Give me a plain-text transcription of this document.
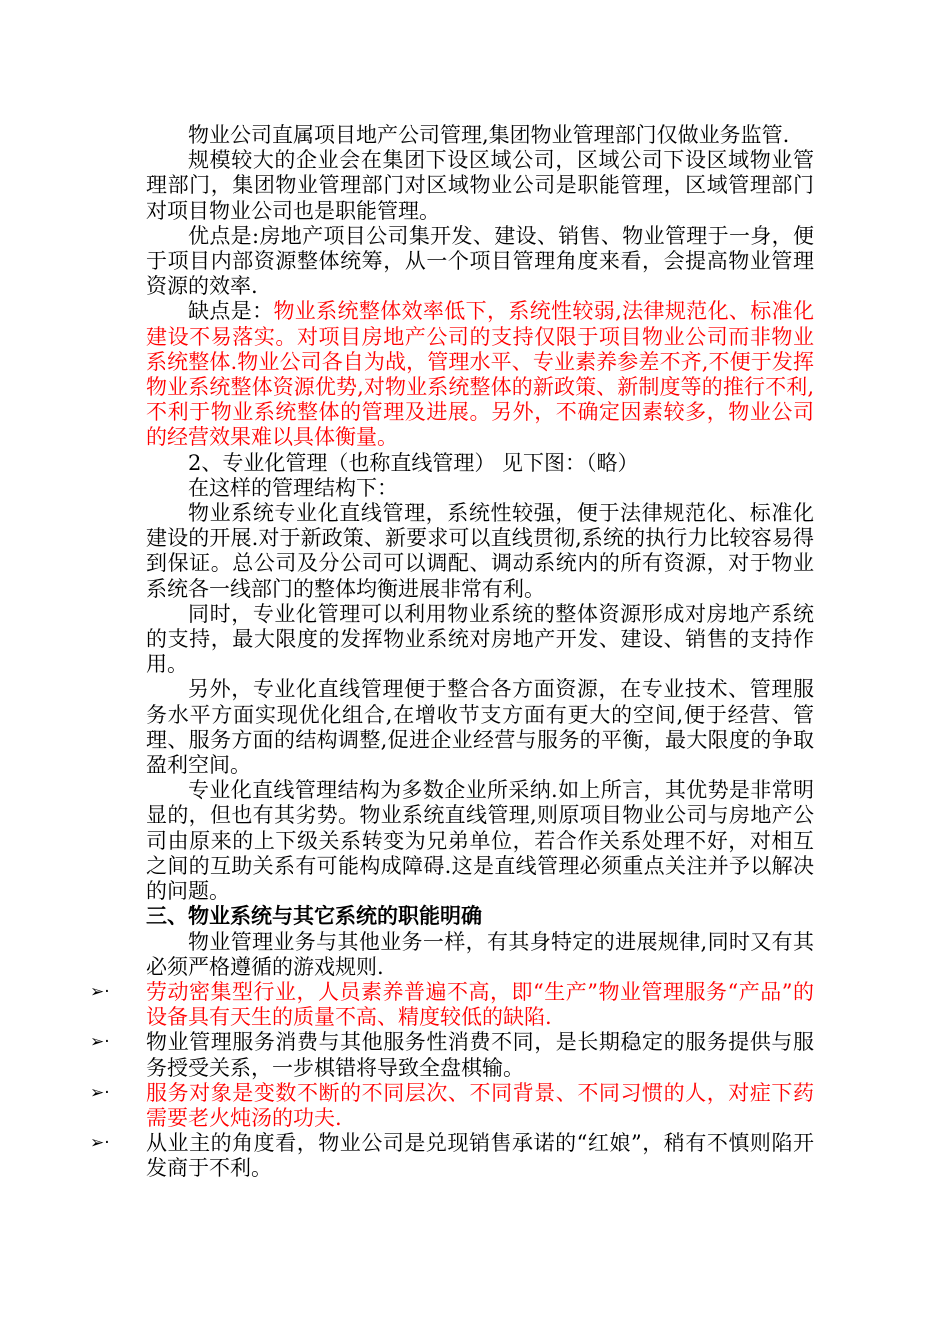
物业公司直属项目地产公司管理,集团物业管理部门仅做业务监管.

规模较大的企业会在集团下设区域公司，区域公司下设区域物业管理部门，集团物业管理部门对区域物业公司是职能管理，区域管理部门对项目物业公司也是职能管理。

优点是:房地产项目公司集开发、建设、销售、物业管理于一身，便于项目内部资源整体统筹，从一个项目管理角度来看，会提高物业管理资源的效率.

缺点是：物业系统整体效率低下，系统性较弱,法律规范化、标准化建设不易落实。对项目房地产公司的支持仅限于项目物业公司而非物业系统整体.物业公司各自为战，管理水平、专业素养参差不齐,不便于发挥物业系统整体资源优势,对物业系统整体的新政策、新制度等的推行不利,不利于物业系统整体的管理及进展。另外，不确定因素较多，物业公司的经营效果难以具体衡量。

2、专业化管理（也称直线管理） 见下图：（略）

在这样的管理结构下：

物业系统专业化直线管理，系统性较强，便于法律规范化、标准化建设的开展.对于新政策、新要求可以直线贯彻,系统的执行力比较容易得到保证。总公司及分公司可以调配、调动系统内的所有资源，对于物业系统各一线部门的整体均衡进展非常有利。

同时，专业化管理可以利用物业系统的整体资源形成对房地产系统的支持，最大限度的发挥物业系统对房地产开发、建设、销售的支持作用。

另外，专业化直线管理便于整合各方面资源，在专业技术、管理服务水平方面实现优化组合,在增收节支方面有更大的空间,便于经营、管理、服务方面的结构调整,促进企业经营与服务的平衡，最大限度的争取盈利空间。

专业化直线管理结构为多数企业所采纳.如上所言，其优势是非常明显的，但也有其劣势。物业系统直线管理,则原项目物业公司与房地产公司由原来的上下级关系转变为兄弟单位，若合作关系处理不好，对相互之间的互助关系有可能构成障碍.这是直线管理必须重点关注并予以解决的问题。

三、物业系统与其它系统的职能明确

物业管理业务与其他业务一样，有其身特定的进展规律,同时又有其必须严格遵循的游戏规则.

➢·	劳动密集型行业，人员素养普遍不高，即“生产”物业管理服务“产品”的设备具有天生的质量不高、精度较低的缺陷.
➢·	物业管理服务消费与其他服务性消费不同，是长期稳定的服务提供与服务授受关系，一步棋错将导致全盘棋输。
➢·	服务对象是变数不断的不同层次、不同背景、不同习惯的人，对症下药需要老火炖汤的功夫.
➢·	从业主的角度看，物业公司是兑现销售承诺的“红娘”，稍有不慎则陷开发商于不利。
